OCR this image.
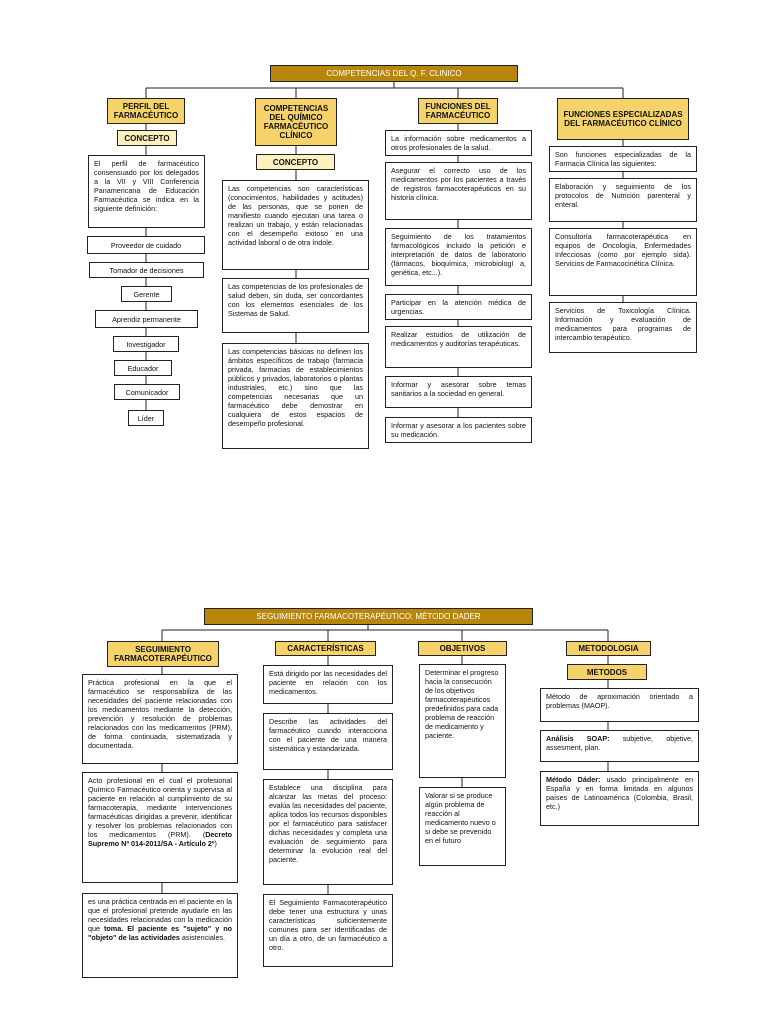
COMPETENCIAS DEL Q. F. CLINICO
PERFIL DEL FARMACÉUTICO
CONCEPTO
El perfil de farmacéutico consensuado por los delegados a la VII y VIII Conferencia Panamericana de Educación Farmacéutica se indica en la siguiente definición:
Proveedor de cuidado
Tomador de decisiones
Gerente
Aprendiz permanente
Investigador
Educador
Comunicador
Líder
COMPETENCIAS DEL QUÍMICO FARMACÉUTICO CLÍNICO
CONCEPTO
Las competencias son características (conocimientos, habilidades y actitudes) de las personas, que se ponen de manifiesto cuando ejecutan una tarea o realizan un trabajo, y están relacionadas con el desempeño exitoso en una actividad laboral o de otra índole.
Las competencias de los profesionales de salud deben, sin duda, ser concordantes con los elementos esenciales de los Sistemas de Salud.
Las competencias básicas no definen los ámbitos específicos de trabajo (farmacia privada, farmacias de establecimientos públicos y privados, laboratorios o plantas industriales, etc.) sino que las competencias necesarias que un farmacéutico debe demostrar en cualquiera de estos espacios de desempeño profesional.
FUNCIONES DEL FARMACÉUTICO
La información sobre medicamentos a otros profesionales de la salud.
Asegurar el correcto uso de los medicamentos por los pacientes a través de registros farmacoterapéuticos en su historia clínica.
Seguimiento de los tratamientos farmacológicos incluido la petición e interpretación de datos de laboratorio (fármacos, bioquímica, microbiologí a, genética, etc...).
Participar en la atención médica de urgencias.
Realizar estudios de utilización de medicamentos y auditorías terapéuticas.
Informar y asesorar sobre temas sanitarios a la sociedad en general.
Informar y asesorar a los pacientes sobre su medicación.
FUNCIONES ESPECIALIZADAS DEL FARMACÉUTICO CLÍNICO
Son funciones especializadas de la Farmacia Clínica las siguientes:
Elaboración y seguimiento de los protocolos de Nutrición parenteral y enteral.
Consultoría farmacoterapéutica en equipos de Oncología, Enfermedades Infecciosas (como por ejemplo sida). Servicios de Farmacocinética Clínica.
Servicios de Toxicología Clínica. Información y evaluación de medicamentos para programas de intercambio terapéutico.
SEGUIMIENTO FARMACOTERAPÉUTICO: MÉTODO DADER
SEGUIMIENTO FARMACOTERAPÉUTICO
Práctica profesional en la que el farmacéutico se responsabiliza de las necesidades del paciente relacionadas con los medicamentos mediante la detección, prevención y resolución de problemas relacionados con los medicamentos (PRM), de forma continuada, sistematizada y documentada.
Acto profesional en el cual el profesional Químico Farmacéutico orienta y supervisa al paciente en relación al cumplimiento de su farmacoterapia, mediante intervenciones farmacéuticas dirigidas a prevenir, identificar y resolver los problemas relacionados con los medicamentos (PRM). (Decreto Supremo Nº 014-2011/SA - Artículo 2º)
es una práctica centrada en el paciente en la que el profesional pretende ayudarle en las necesidades relacionadas con la medicación que toma. El paciente es "sujeto" y no "objeto" de las actividades asistenciales.
CARACTERÍSTICAS
Está dirigido por las necesidades del paciente en relación con los medicamentos.
Describe las actividades del farmacéutico cuando interacciona con el paciente de una manera sistemática y estandarizada.
Establece una disciplina para alcanzar las metas del proceso: evalúa las necesidades del paciente, aplica todos los recursos disponibles por el farmacéutico para satisfacer dichas necesidades y completa una evaluación de seguimiento para determinar la evolución real del paciente.
El Seguimiento Farmacoterapéutico debe tener una estructura y unas características suficientemente comunes para ser identificadas de un día a otro, de un farmacéutico a otro.
OBJETIVOS
Determinar el progreso hacia la consecución de los objetivos farmacoterapéuticos predefinidos para cada problema de reacción de medicamento y paciente.
Valorar si se produce algún problema de reacción al medicamento nuevo o si debe se prevenido en el futuro
METODOLOGIA
METODOS
Método de aproximación orientado a problemas (MAOP).
Análisis SOAP: subjetive, objetive, assesment, plan.
Método Dáder: usado principalmente en España y en forma limitada en algunos países de Latinoamérica (Colombia, Brasil, etc.)
